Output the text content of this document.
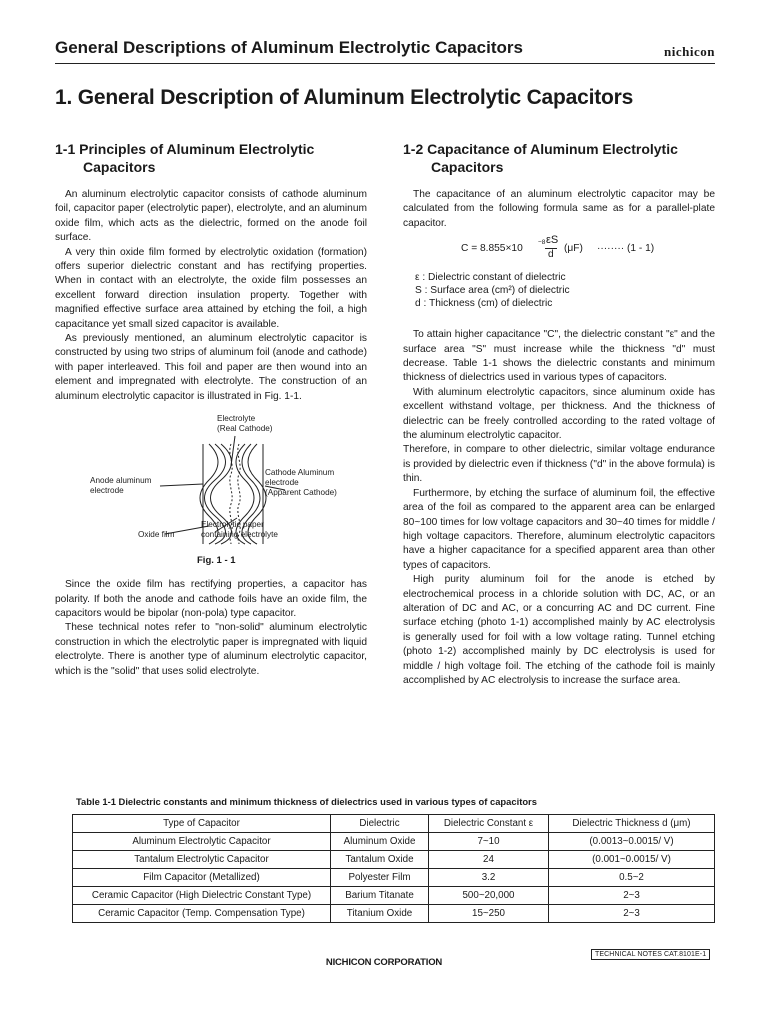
General Descriptions of Aluminum Electrolytic Capacitors	nichicon
1. General Description of Aluminum Electrolytic Capacitors
1-1 Principles of Aluminum Electrolytic Capacitors

An aluminum electrolytic capacitor consists of cathode aluminum foil, capacitor paper (electrolytic paper), electrolyte, and an aluminum oxide film, which acts as the dielectric, formed on the anode foil surface.

A very thin oxide film formed by electrolytic oxidation (formation) offers superior dielectric constant and has rectifying properties. When in contact with an electrolyte, the oxide film possesses an excellent forward direction insulation property. Together with magnified effective surface area attained by etching the foil, a high capacitance yet small sized capacitor is available.

As previously mentioned, an aluminum electrolytic capacitor is constructed by using two strips of aluminum foil (anode and cathode) with paper interleaved. This foil and paper are then wound into an element and impregnated with electrolyte. The construction of an aluminum electrolytic capacitor is illustrated in Fig. 1-1.

Electrolyte
(Real Cathode)
Anode aluminum
electrode
Cathode Aluminum
electrode
(Apparent Cathode)
Oxide film
Electrolytic paper
containing electrolyte
Fig. 1 - 1

Since the oxide film has rectifying properties, a capacitor has polarity. If both the anode and cathode foils have an oxide film, the capacitors would be bipolar (non-pola) type capacitor.

These technical notes refer to "non-solid" aluminum electrolytic construction in which the electrolytic paper is impregnated with liquid electrolyte. There is another type of aluminum electrolytic capacitor, which is the "solid" that uses solid electrolyte.

1-2 Capacitance of Aluminum Electrolytic Capacitors

The capacitance of an aluminum electrolytic capacitor may be calculated from the following formula same as for a parallel-plate capacitor.

C = 8.855×10
−8 εS
d
(μF) ········ (1 - 1)
ε : Dielectric constant of dielectric
S : Surface area (cm²) of dielectric
d : Thickness (cm) of dielectric

To attain higher capacitance "C", the dielectric constant "ε" and the surface area "S" must increase while the thickness "d" must decrease. Table 1-1 shows the dielectric constants and minimum thickness of dielectrics used in various types of capacitors.

With aluminum electrolytic capacitors, since aluminum oxide has excellent withstand voltage, per thickness. And the thickness of dielectric can be freely controlled according to the rated voltage of the aluminum electrolytic capacitor.

Therefore, in compare to other dielectric, similar voltage endurance is provided by dielectric even if thickness ("d" in the above formula) is thin.

Furthermore, by etching the surface of aluminum foil, the effective area of the foil as compared to the apparent area can be enlarged 80~100 times for low voltage capacitors and 30~40 times for middle / high voltage capacitors. Therefore, aluminum electrolytic capacitors have a higher capacitance for a specified apparent area than other types of capacitors.

High purity aluminum foil for the anode is etched by electrochemical process in a chloride solution with DC, AC, or an alteration of DC and AC, or a concurring AC and DC current. Fine surface etching (photo 1-1) accomplished mainly by AC electrolysis is generally used for foil with a low voltage rating. Tunnel etching (photo 1-2) accomplished mainly by DC electrolysis is used for middle / high voltage foil. The etching of the cathode foil is mainly accomplished by AC electrolysis to increase the surface area.

Table 1-1 Dielectric constants and minimum thickness of dielectrics used in various types of capacitors
Type of Capacitor	Dielectric	Dielectric Constant ε	Dielectric Thickness d (μm)
Aluminum Electrolytic Capacitor	Aluminum Oxide	7~10	(0.0013~0.0015/ V)
Tantalum Electrolytic Capacitor	Tantalum Oxide	24	(0.001~0.0015/ V)
Film Capacitor (Metallized)	Polyester Film	3.2	0.5~2
Ceramic Capacitor (High Dielectric Constant Type)	Barium Titanate	500~20,000	2~3
Ceramic Capacitor (Temp. Compensation Type)	Titanium Oxide	15~250	2~3
TECHNICAL NOTES CAT.8101E-1
NICHICON CORPORATION
